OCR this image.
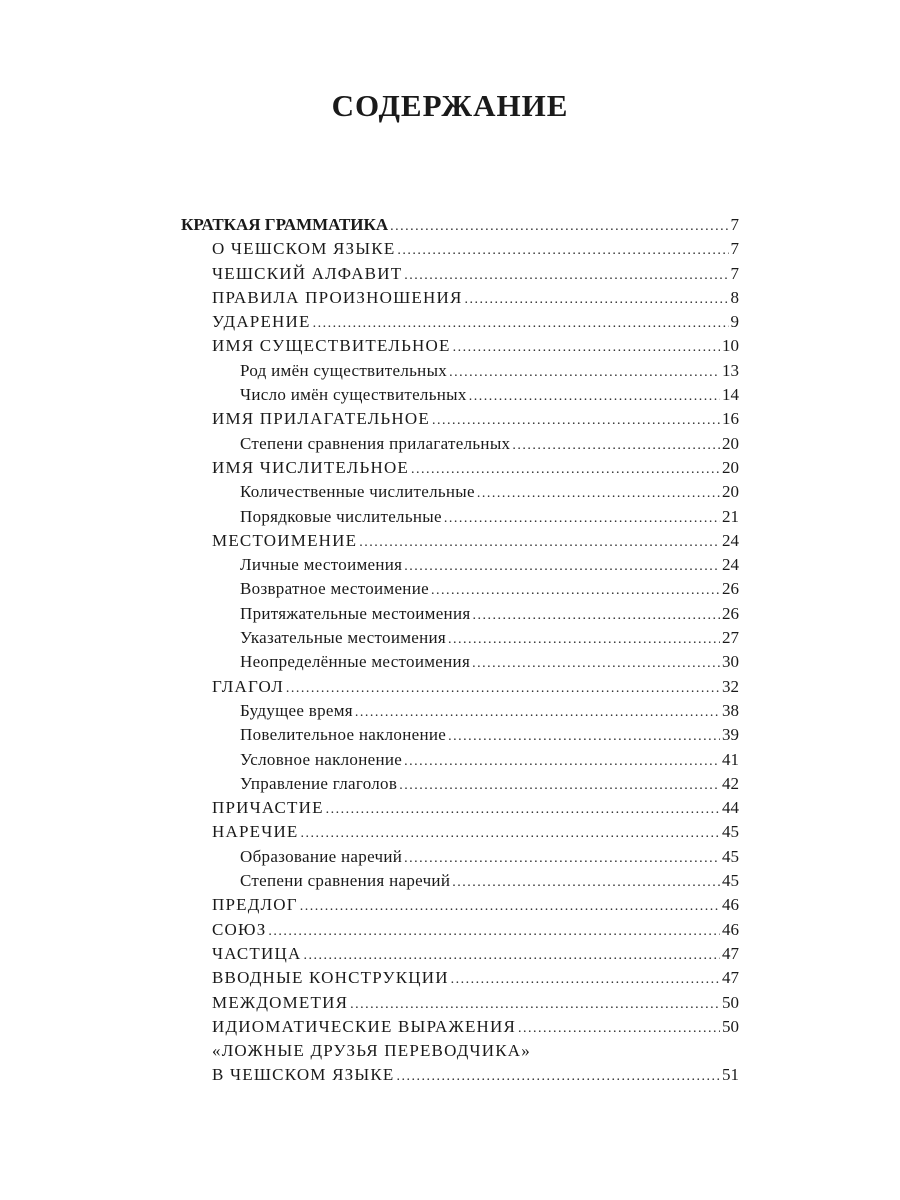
СОДЕРЖАНИЕ
КРАТКАЯ ГРАММАТИКА .....	7
О ЧЕШСКОМ ЯЗЫКЕ .....	7
ЧЕШСКИЙ АЛФАВИТ .....	7
ПРАВИЛА ПРОИЗНОШЕНИЯ .....	8
УДАРЕНИЕ .....	9
ИМЯ СУЩЕСТВИТЕЛЬНОЕ .....	10
Род имён существительных .....	13
Число имён существительных .....	14
ИМЯ ПРИЛАГАТЕЛЬНОЕ .....	16
Степени сравнения прилагательных .....	20
ИМЯ ЧИСЛИТЕЛЬНОЕ .....	20
Количественные числительные .....	20
Порядковые числительные .....	21
МЕСТОИМЕНИЕ .....	24
Личные местоимения .....	24
Возвратное местоимение .....	26
Притяжательные местоимения .....	26
Указательные местоимения .....	27
Неопределённые местоимения .....	30
ГЛАГОЛ .....	32
Будущее время .....	38
Повелительное наклонение .....	39
Условное наклонение .....	41
Управление глаголов .....	42
ПРИЧАСТИЕ .....	44
НАРЕЧИЕ .....	45
Образование наречий .....	45
Степени сравнения наречий .....	45
ПРЕДЛОГ .....	46
СОЮЗ .....	46
ЧАСТИЦА .....	47
ВВОДНЫЕ КОНСТРУКЦИИ .....	47
МЕЖДОМЕТИЯ .....	50
ИДИОМАТИЧЕСКИЕ ВЫРАЖЕНИЯ .....	50
«ЛОЖНЫЕ ДРУЗЬЯ ПЕРЕВОДЧИКА»
В ЧЕШСКОМ ЯЗЫКЕ .....	51
